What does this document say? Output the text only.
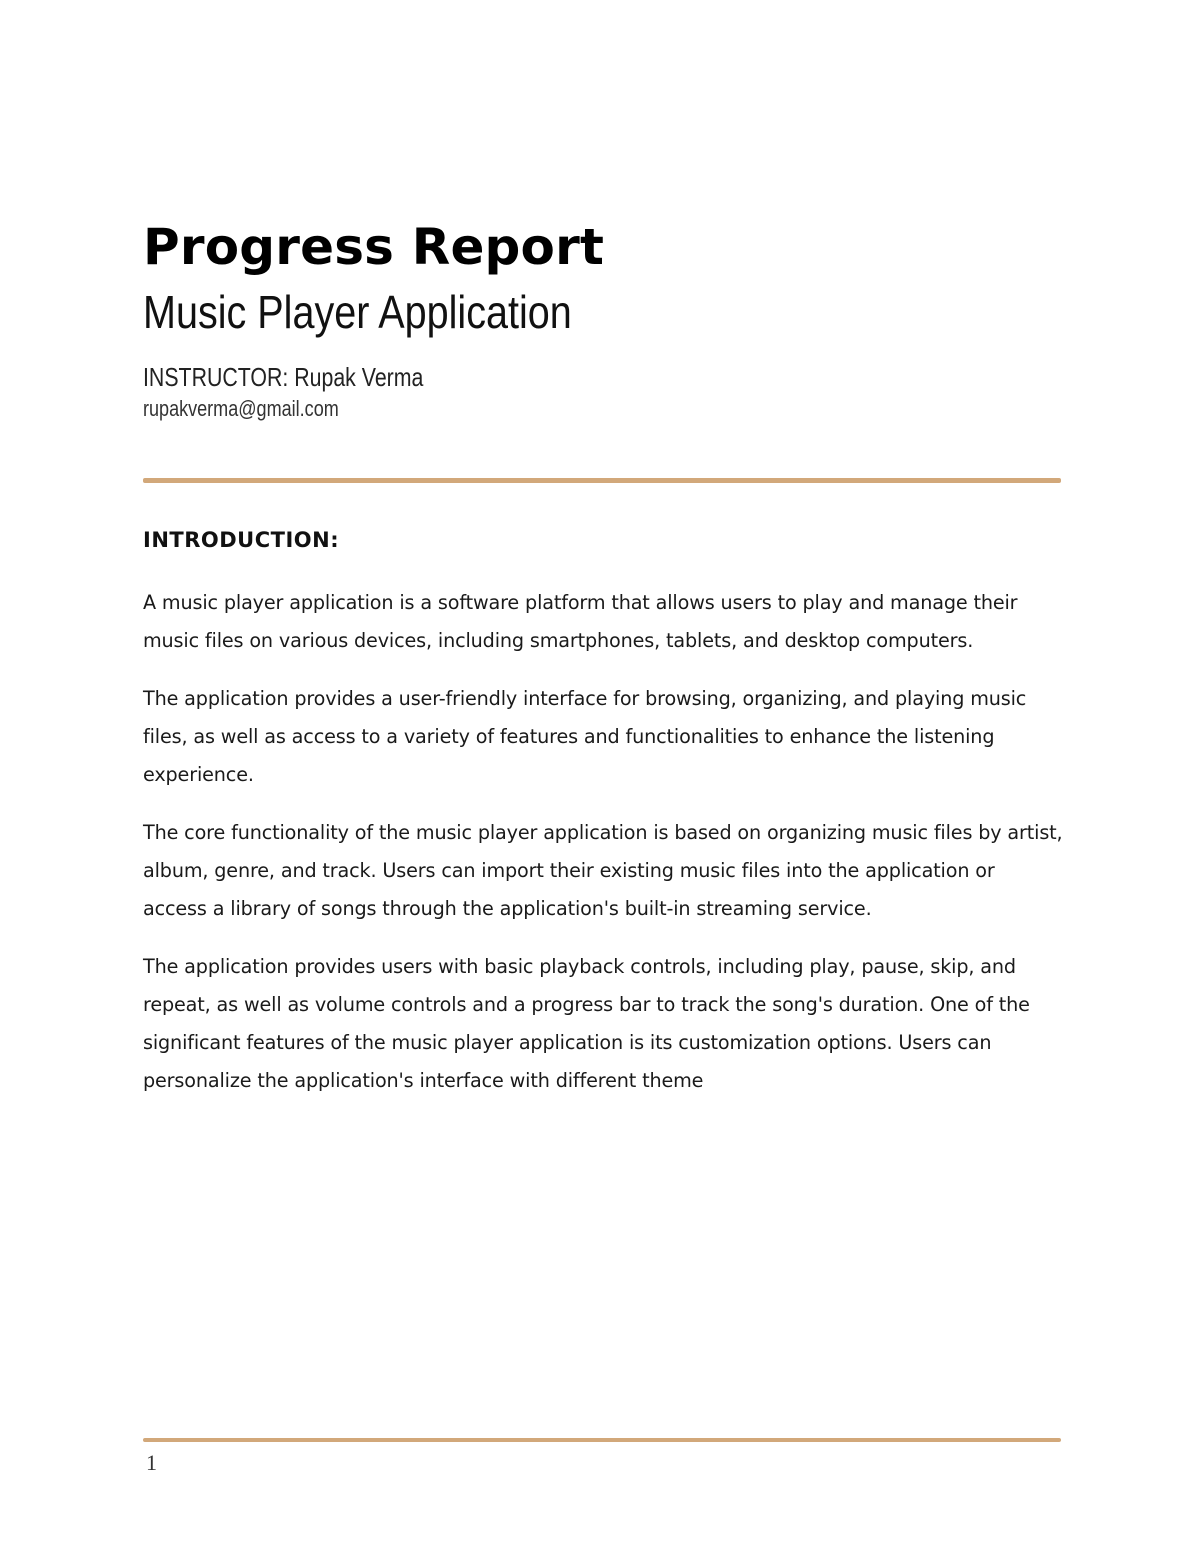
Progress Report
Music Player Application
INSTRUCTOR: Rupak Verma
rupakverma@gmail.com
INTRODUCTION:

A music player application is a software platform that allows users to play and manage their music files on various devices, including smartphones, tablets, and desktop computers.

The application provides a user-friendly interface for browsing, organizing, and playing music files, as well as access to a variety of features and functionalities to enhance the listening experience.

The core functionality of the music player application is based on organizing music files by artist, album, genre, and track. Users can import their existing music files into the application or access a library of songs through the application's built-in streaming service.

The application provides users with basic playback controls, including play, pause, skip, and repeat, as well as volume controls and a progress bar to track the song's duration. One of the significant features of the music player application is its customization options. Users can personalize the application's interface with different theme

1
